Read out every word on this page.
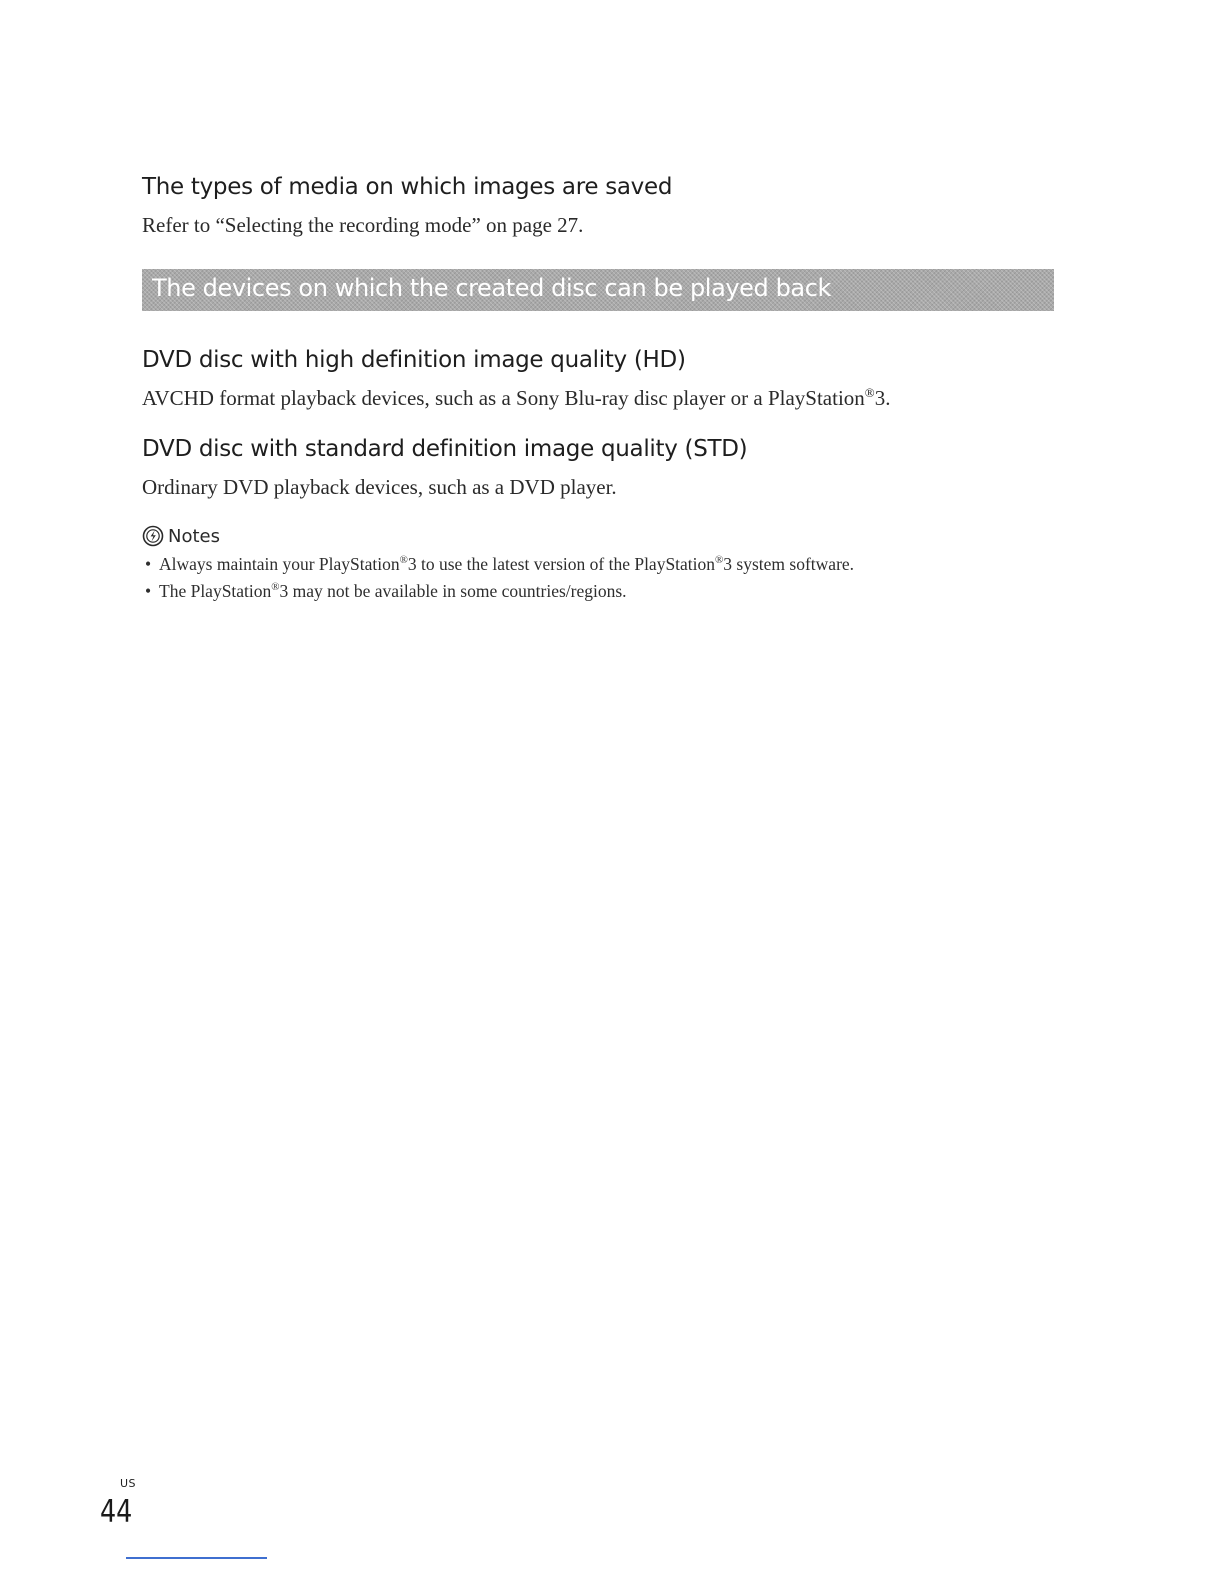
The types of media on which images are saved

Refer to “Selecting the recording mode” on page 27.

The devices on which the created disc can be played back
DVD disc with high definition image quality (HD)

AVCHD format playback devices, such as a Sony Blu-ray disc player or a PlayStation®3.

DVD disc with standard definition image quality (STD)

Ordinary DVD playback devices, such as a DVD player.

Notes
• Always maintain your PlayStation®3 to use the latest version of the PlayStation®3 system software.
• The PlayStation®3 may not be available in some countries/regions.
US
44
